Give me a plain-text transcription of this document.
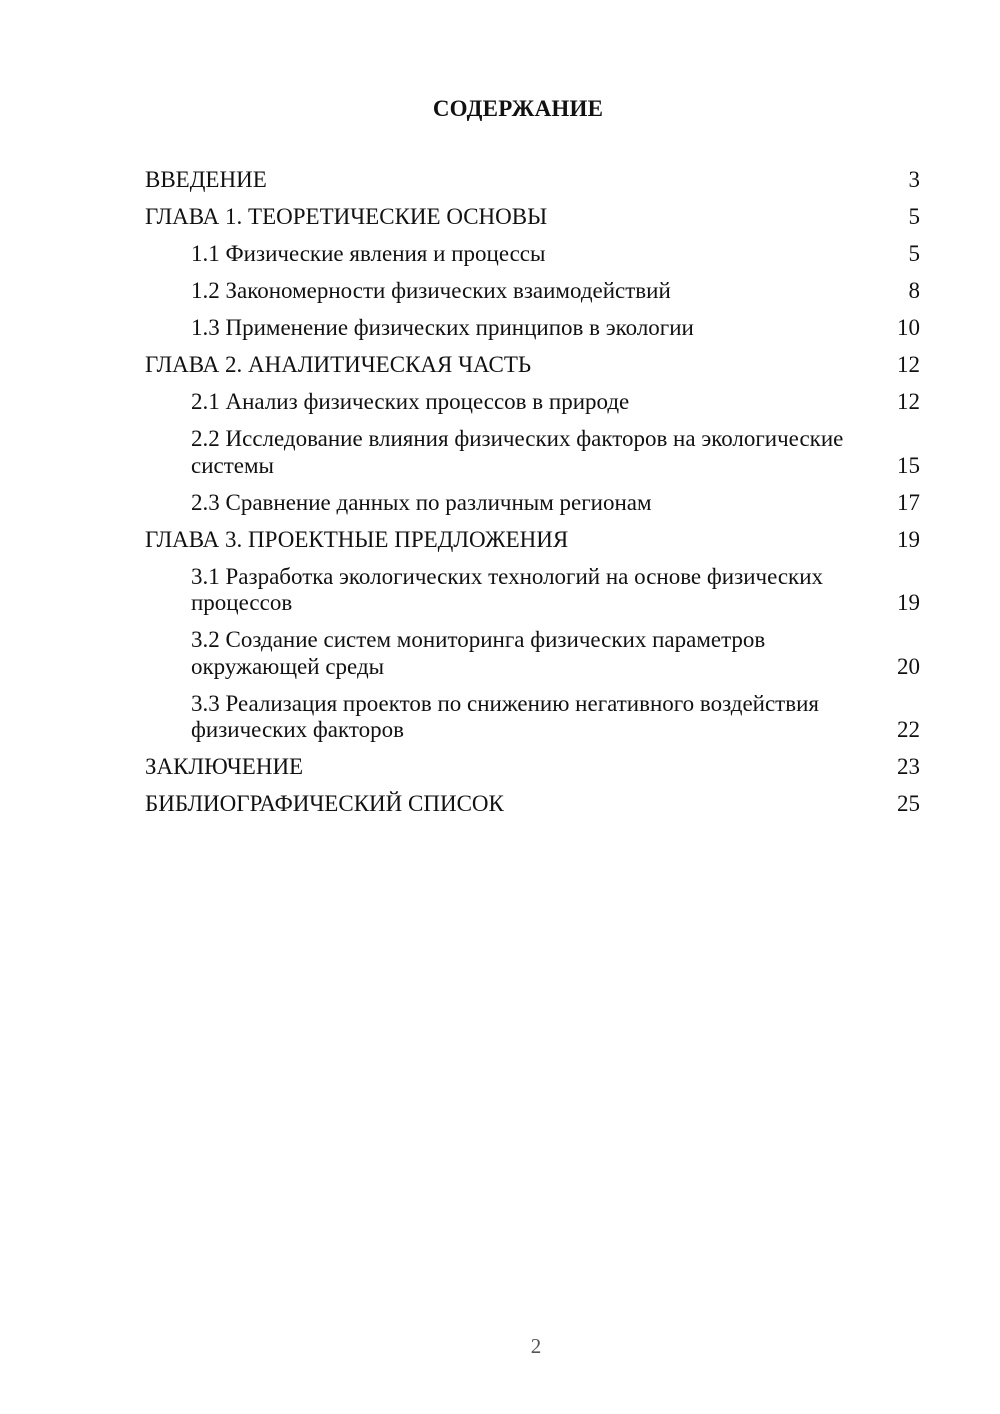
СОДЕРЖАНИЕ
ВВЕДЕНИЕ	3
ГЛАВА 1. ТЕОРЕТИЧЕСКИЕ ОСНОВЫ	5
1.1 Физические явления и процессы	5
1.2 Закономерности физических взаимодействий	8
1.3 Применение физических принципов в экологии	10
ГЛАВА 2. АНАЛИТИЧЕСКАЯ ЧАСТЬ	12
2.1 Анализ физических процессов в природе	12
2.2 Исследование влияния физических факторов на экологические системы	15
2.3 Сравнение данных по различным регионам	17
ГЛАВА 3. ПРОЕКТНЫЕ ПРЕДЛОЖЕНИЯ	19
3.1 Разработка экологических технологий на основе физических процессов	19
3.2 Создание систем мониторинга физических параметров окружающей среды	20
3.3 Реализация проектов по снижению негативного воздействия физических факторов	22
ЗАКЛЮЧЕНИЕ	23
БИБЛИОГРАФИЧЕСКИЙ СПИСОК	25
2
